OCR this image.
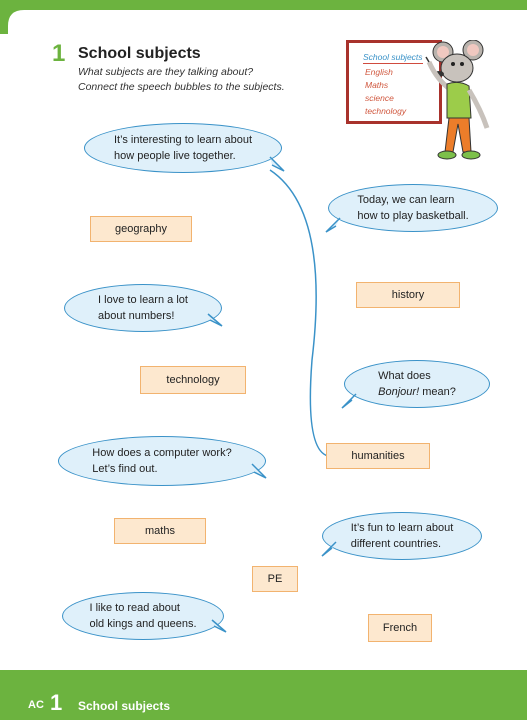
1 School subjects
What subjects are they talking about?
Connect the speech bubbles to the subjects.
School subjects
English
Maths
science
technology
It’s interesting to learn about
how people live together.
Today, we can learn
how to play basketball.
I love to learn a lot
about numbers!
What does
Bonjour! mean?
How does a computer work?
Let’s find out.
It’s fun to learn about
different countries.
I like to read about
old kings and queens.
geography
history
technology
humanities
maths
PE
French
AC 1 School subjects
